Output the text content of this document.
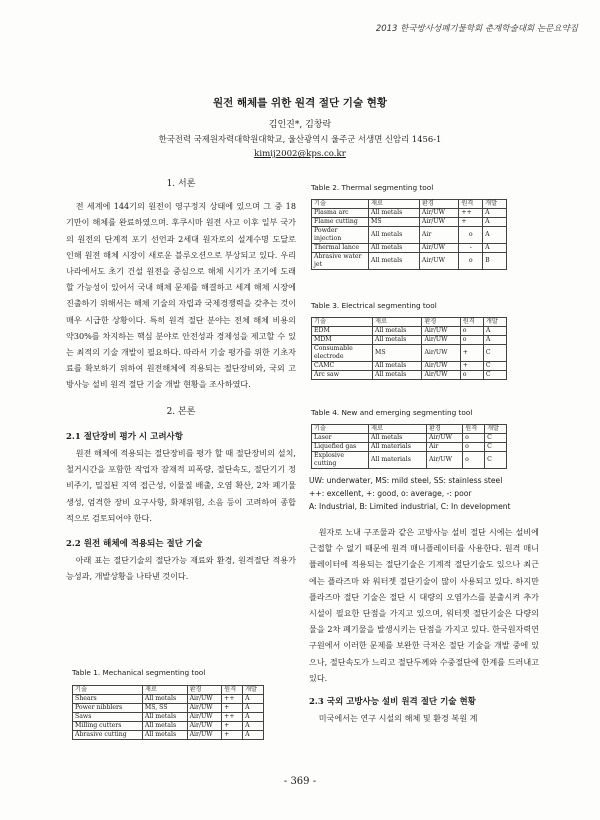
2013 한국방사성폐기물학회 춘계학술대회 논문요약집
원전 해체를 위한 원격 절단 기술 현황
김인진*, 김창락
한국전력 국제원자력대학원대학교, 울산광역시 울주군 서생면 신암리 1456-1
kimij2002@kps.co.kr
1. 서론

전 세계에 144기의 원전이 영구정지 상태에 있으며 그 중 18기만이 해체를 완료하였으며. 후쿠시마 원전 사고 이후 일부 국가의 원전의 단계적 포기 선언과 2세대 원자로의 설계수명 도달로 인해 원전 해체 시장이 새로운 블루오션으로 부상되고 있다. 우리나라에서도 초기 건설 원전을 중심으로 해체 시기가 조기에 도래할 가능성이 있어서 국내 해체 문제를 해결하고 세계 해체 시장에 진출하기 위해서는 해체 기술의 자립과 국제경쟁력을 갖추는 것이 매우 시급한 상황이다. 특히 원격 절단 분야는 전체 해체 비용의 약30%를 차지하는 핵심 분야로 안전성과 경제성을 제고할 수 있는 최적의 기술 개발이 필요하다. 따라서 기술 평가를 위한 기초자료를 확보하기 위하여 원전해체에 적용되는 절단장비와, 국외 고방사능 설비 원격 절단 기술 개발 현황을 조사하였다.

2. 본론
2.1 절단장비 평가 시 고려사항

원전 해체에 적용되는 절단장비를 평가 할 때 절단장비의 설치, 철거시간을 포함한 작업자 잠재적 피폭량, 절단속도, 절단기기 정비주기, 밀집된 지역 접근성, 이물질 배출, 오염 확산, 2차 폐기물 생성, 엄격한 장비 요구사항, 화재위험, 소음 등이 고려하여 종합적으로 검토되어야 한다.

2.2 원전 해체에 적용되는 절단 기술

아래 표는 절단기술의 절단가능 재료와 환경, 원격절단 적용가능성과, 개발상황을 나타낸 것이다.

Table 1. Mechanical segmenting tool
기술	재료	환경	원격	개발
Shears	All metals	Air/UW	++	A
Power nibblers	MS, SS	Air/UW	+	A
Saws	All metals	Air/UW	++	A
Milling cutters	All metals	Air/UW	+	A
Abrasive cutting	All metals	Air/UW	+	A
Table 2. Thermal segmenting tool
기술	재료	환경	원격	개발
Plasma arc	All metals	Air/UW	++	A
Flame cutting	MS	Air/UW	+	A
Powder injection	All metals	Air	o	A
Thermal lance	All metals	Air/UW	-	A
Abrasive water jet	All metals	Air/UW	o	B
Table 3. Electrical segmenting tool
기술	재료	환경	원격	개발
EDM	All metals	Air/UW	o	A
MDM	All metals	Air/UW	o	A
Consumable electrode	MS	Air/UW	+	C
CAMC	All metals	Air/UW	+	C
Arc saw	All metals	Air/UW	o	C
Table 4. New and emerging segmenting tool
기술	재료	환경	원격	개발
Laser	All metals	Air/UW	o	C
Liquefied gas	All materials	Air	o	C
Explosive cutting	All materials	Air/UW	o	C
UW: underwater, MS: mild steel, SS: stainless steel
++: excellent, +: good, o: average, -: poor
A: Industrial, B: Limited industrial, C: In development

원자로 노내 구조물과 같은 고방사능 설비 절단 시에는 설비에 근접할 수 없기 때문에 원격 매니플레이터를 사용한다. 원격 매니퓰레이터에 적용되는 절단기술은 기계적 절단기술도 있으나 최근에는 플라즈마 와 워터젯 절단기술이 많이 사용되고 있다. 하지만 플라즈마 절단 기술은 절단 시 대량의 오염가스를 분출시켜 추가시설이 필요한 단점을 가지고 있으며, 워터젯 절단기술은 다량의 물을 2차 폐기물을 발생시키는 단점을 가지고 있다. 한국원자력연구원에서 이러한 문제를 보완한 극저온 절단 기술을 개발 중에 있으나, 절단속도가 느리고 절단두께와 수중절단에 한계를 드러내고 있다.

2.3 국외 고방사능 설비 원격 절단 기술 현황

미국에서는 연구 시설의 해체 및 환경 복원 계

- 369 -
